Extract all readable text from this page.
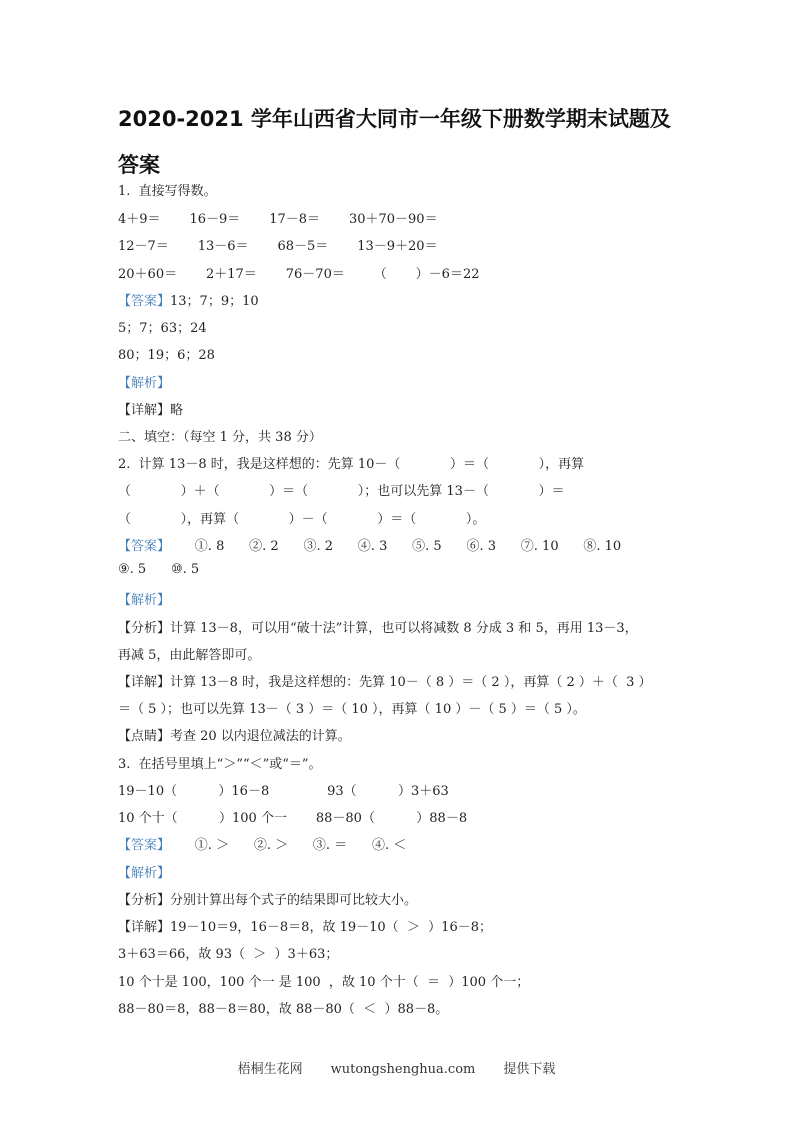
2020-2021 学年山西省大同市一年级下册数学期末试题及答案
1.  直接写得数。
4＋9＝       16－9＝       17－8＝       30＋70－90＝
12－7＝       13－6＝       68－5＝       13－9＋20＝
20＋60＝       2＋17＝       76－70＝       （       ）－6＝22
【答案】13；7；9；10
5；7；63；24
80；19；6；28
【解析】
【详解】略
二、填空：（每空 1 分，共 38 分）
2.  计算 13－8 时，我是这样想的：先算 10－（            ）＝（            ），再算
（            ）＋（            ）＝（            ）；也可以先算 13－（            ）＝
（            ），再算（            ）－（            ）＝（            ）。
【答案】      ①. 8      ②. 2      ③. 2      ④. 3      ⑤. 5      ⑥. 3      ⑦. 10      ⑧. 10
⑨. 5      ⑩. 5
【解析】
【分析】计算 13－8，可以用“破十法”计算，也可以将减数 8 分成 3 和 5，再用 13－3，
再减 5，由此解答即可。
【详解】计算 13－8 时，我是这样想的：先算 10－（ 8 ）＝（ 2 ），再算（ 2 ）＋（  3 ）
＝（ 5 ）；也可以先算 13－（ 3 ）＝（ 10 ），再算（ 10 ）－（ 5 ）＝（ 5 ）。
【点睛】考查 20 以内退位减法的计算。
3.  在括号里填上“＞”“＜”或“＝”。
19－10（          ）16－8              93（          ）3＋63
10 个十（          ）100 个一       88－80（          ）88－8
【答案】      ①. ＞      ②. ＞      ③. ＝      ④. ＜
【解析】
【分析】分别计算出每个式子的结果即可比较大小。
【详解】19－10＝9，16－8＝8，故 19－10（  ＞  ）16－8；
3＋63＝66，故 93（  ＞  ）3＋63；
10 个十是 100，100 个一 是 100  ，故 10 个十（  ＝  ）100 个一；
88－80＝8，88－8＝80，故 88－80（  ＜  ）88－8。
梧桐生花网 wutongshenghua.com 提供下载
